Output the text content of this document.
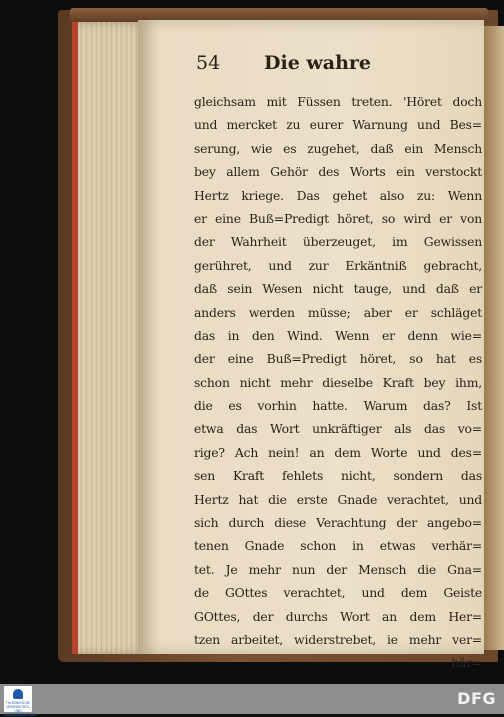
54 Die wahre
gleichsam mit Füssen treten. 'Höret doch
und mercket zu eurer Warnung und Bes=
serung, wie es zugehet, daß ein Mensch
bey allem Gehör des Worts ein verstockt
Hertz kriege. Das gehet also zu: Wenn
er eine Buß=Predigt höret, so wird er von
der Wahrheit überzeuget, im Gewissen
gerühret, und zur Erkäntniß gebracht,
daß sein Wesen nicht tauge, und daß er
anders werden müsse; aber er schläget
das in den Wind. Wenn er denn wie=
der eine Buß=Predigt höret, so hat es
schon nicht mehr dieselbe Kraft bey ihm,
die es vorhin hatte. Warum das? Ist
etwa das Wort unkräftiger als das vo=
rige? Ach nein! an dem Worte und des=
sen Kraft fehlets nicht, sondern das
Hertz hat die erste Gnade verachtet, und
sich durch diese Verachtung der angebo=
tenen Gnade schon in etwas verhär=
tet. Je mehr nun der Mensch die Gna=
de GOttes verachtet, und dem Geiste
GOttes, der durchs Wort an dem Her=
tzen arbeitet, widerstrebet, ie mehr ver=
här=
THÜRINGISCHE UNIVERSITÄTS- UND LANDESBIBLIOTHEK
DFG
